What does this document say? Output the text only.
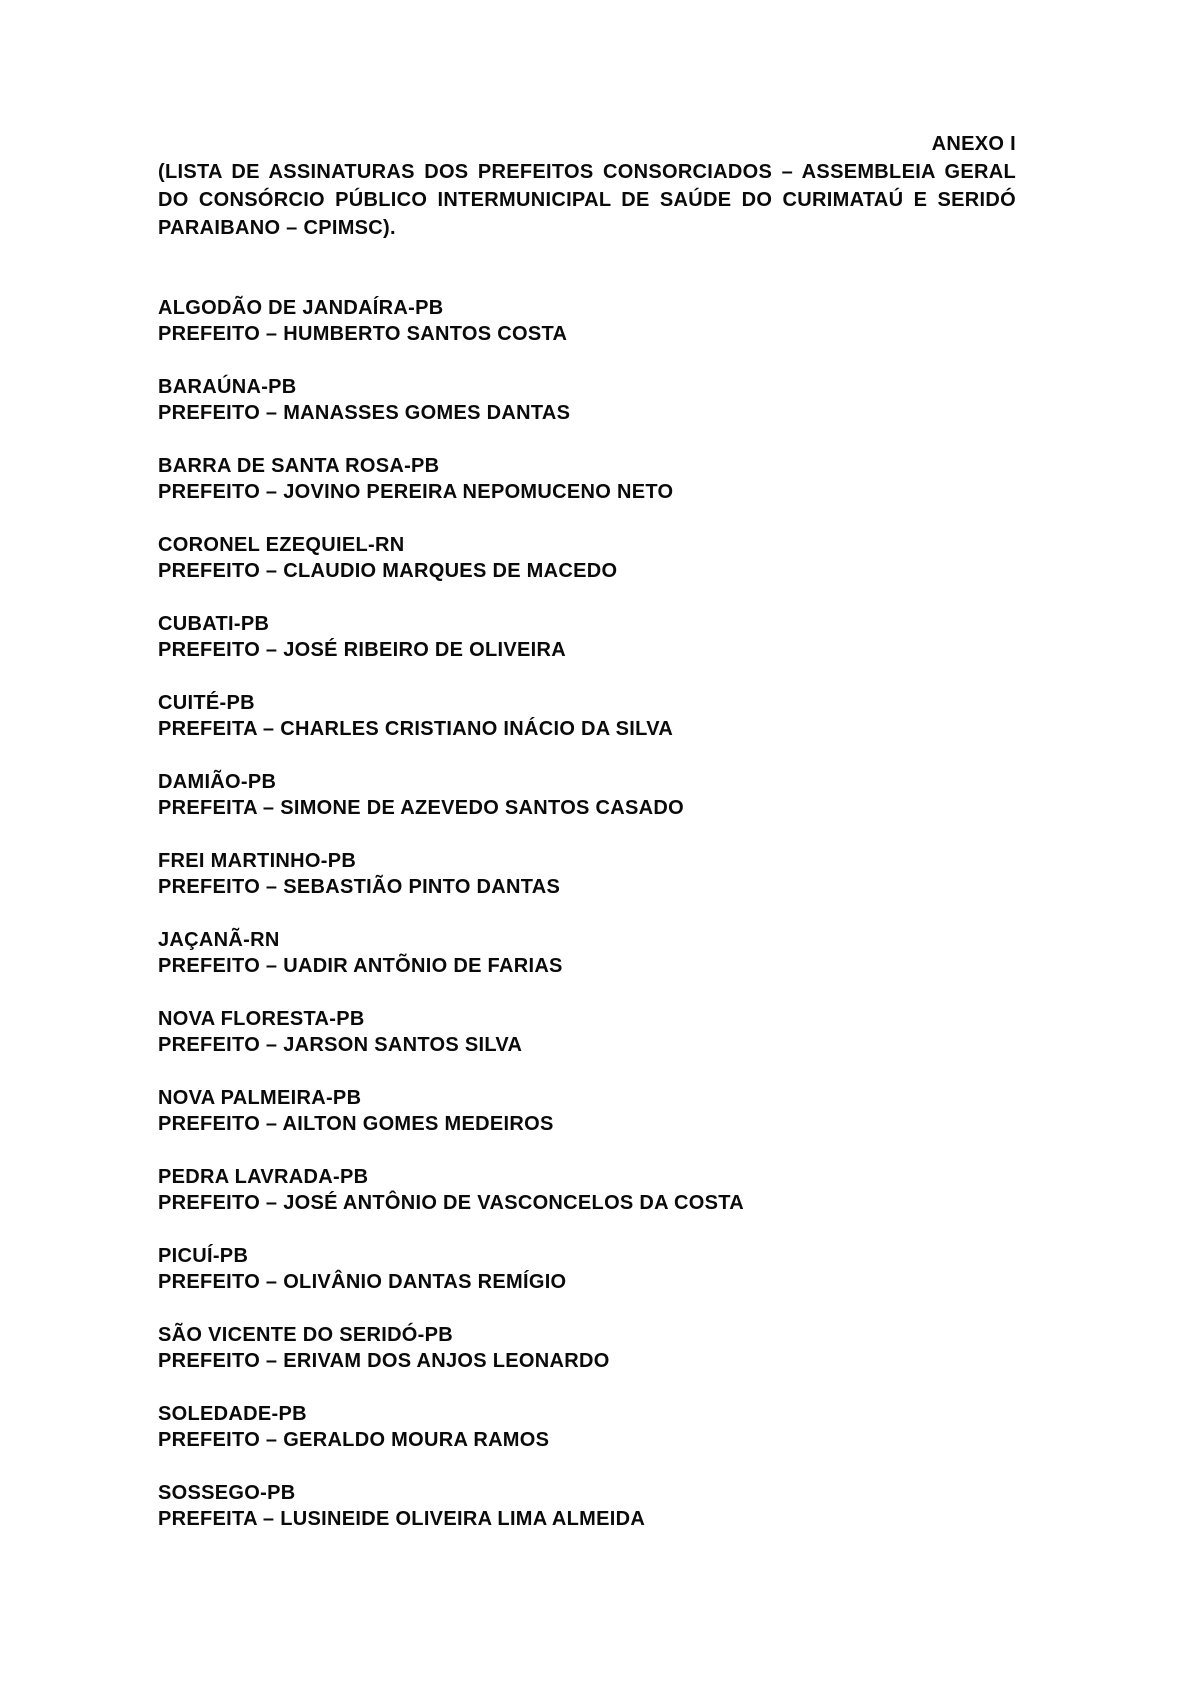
ANEXO I

(LISTA DE ASSINATURAS DOS PREFEITOS CONSORCIADOS – ASSEMBLEIA GERAL

DO CONSÓRCIO PÚBLICO INTERMUNICIPAL DE SAÚDE DO CURIMATAÚ E SERIDÓ

PARAIBANO – CPIMSC).

ALGODÃO DE JANDAÍRA-PB
PREFEITO – HUMBERTO SANTOS COSTA
BARAÚNA-PB
PREFEITO – MANASSES GOMES DANTAS
BARRA DE SANTA ROSA-PB
PREFEITO – JOVINO PEREIRA NEPOMUCENO NETO
CORONEL EZEQUIEL-RN
PREFEITO – CLAUDIO MARQUES DE MACEDO
CUBATI-PB
PREFEITO – JOSÉ RIBEIRO DE OLIVEIRA
CUITÉ-PB
PREFEITA – CHARLES CRISTIANO INÁCIO DA SILVA
DAMIÃO-PB
PREFEITA – SIMONE DE AZEVEDO SANTOS CASADO
FREI MARTINHO-PB
PREFEITO – SEBASTIÃO PINTO DANTAS
JAÇANÃ-RN
PREFEITO – UADIR ANTÕNIO DE FARIAS
NOVA FLORESTA-PB
PREFEITO – JARSON SANTOS SILVA
NOVA PALMEIRA-PB
PREFEITO – AILTON GOMES MEDEIROS
PEDRA LAVRADA-PB
PREFEITO – JOSÉ ANTÔNIO DE VASCONCELOS DA COSTA
PICUÍ-PB
PREFEITO – OLIVÂNIO DANTAS REMÍGIO
SÃO VICENTE DO SERIDÓ-PB
PREFEITO – ERIVAM DOS ANJOS LEONARDO
SOLEDADE-PB
PREFEITO – GERALDO MOURA RAMOS
SOSSEGO-PB
PREFEITA – LUSINEIDE OLIVEIRA LIMA ALMEIDA
